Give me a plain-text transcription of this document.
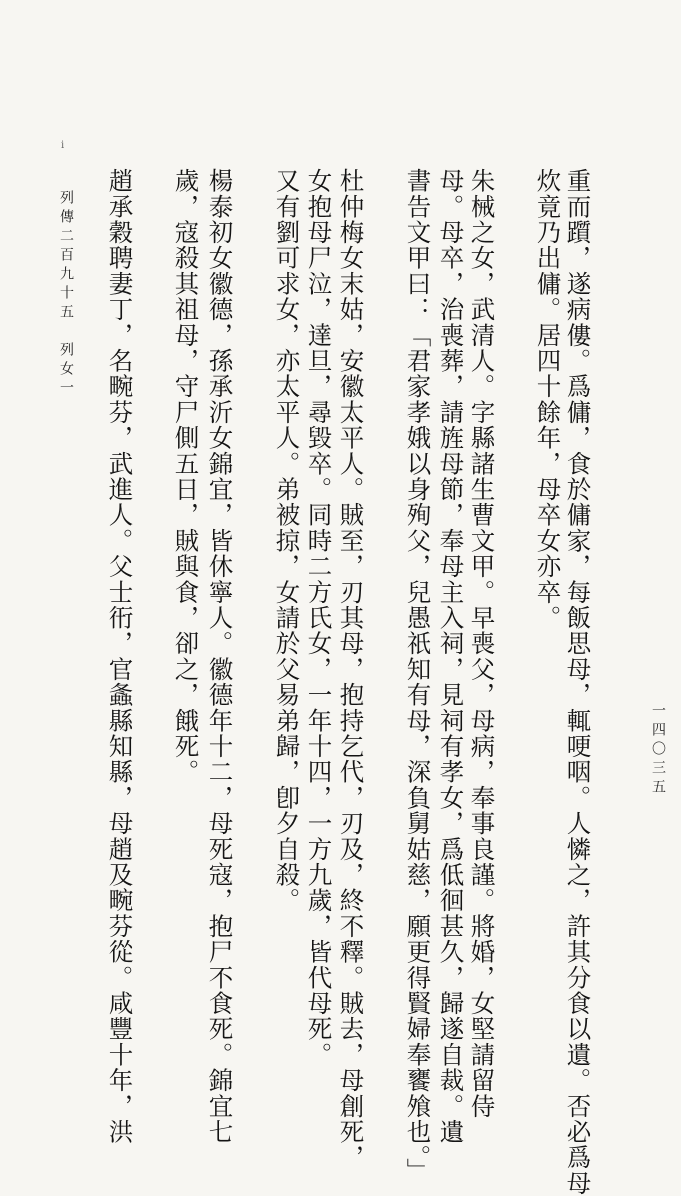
i
列傳二百九十五　列女一
一四〇三五
重而躓，遂病僂。爲傭，食於傭家，每飯思母，輒哽咽。人憐之，許其分食以遺。否必爲母
炊竟乃出傭。居四十餘年，母卒女亦卒。
朱械之女，武清人。字縣諸生曹文甲。早喪父，母病，奉事良謹。將婚，女堅請留侍
母。母卒，治喪葬，請旌母節，奉母主入祠，見祠有孝女，爲低徊甚久，歸遂自裁。遺
書告文甲曰：「君家孝娥以身殉父，兒愚祇知有母，深負舅姑慈，願更得賢婦奉饔飧也。」
杜仲梅女末姑，安徽太平人。賊至，刃其母，抱持乞代，刃及，終不釋。賊去，母創死，
女抱母尸泣，達旦，尋毀卒。同時二方氏女，一年十四，一方九歲，皆代母死。
又有劉可求女，亦太平人。弟被掠，女請於父易弟歸，卽夕自殺。
楊泰初女徽德，孫承沂女錦宜，皆休寧人。徽德年十二，母死寇，抱尸不食死。錦宜七
歲，寇殺其祖母，守尸側五日，賊與食，卻之，餓死。
趙承穀聘妻丁，名畹芬，武進人。父士衎，官螽縣知縣，母趙及畹芬從。咸豐十年，洪
